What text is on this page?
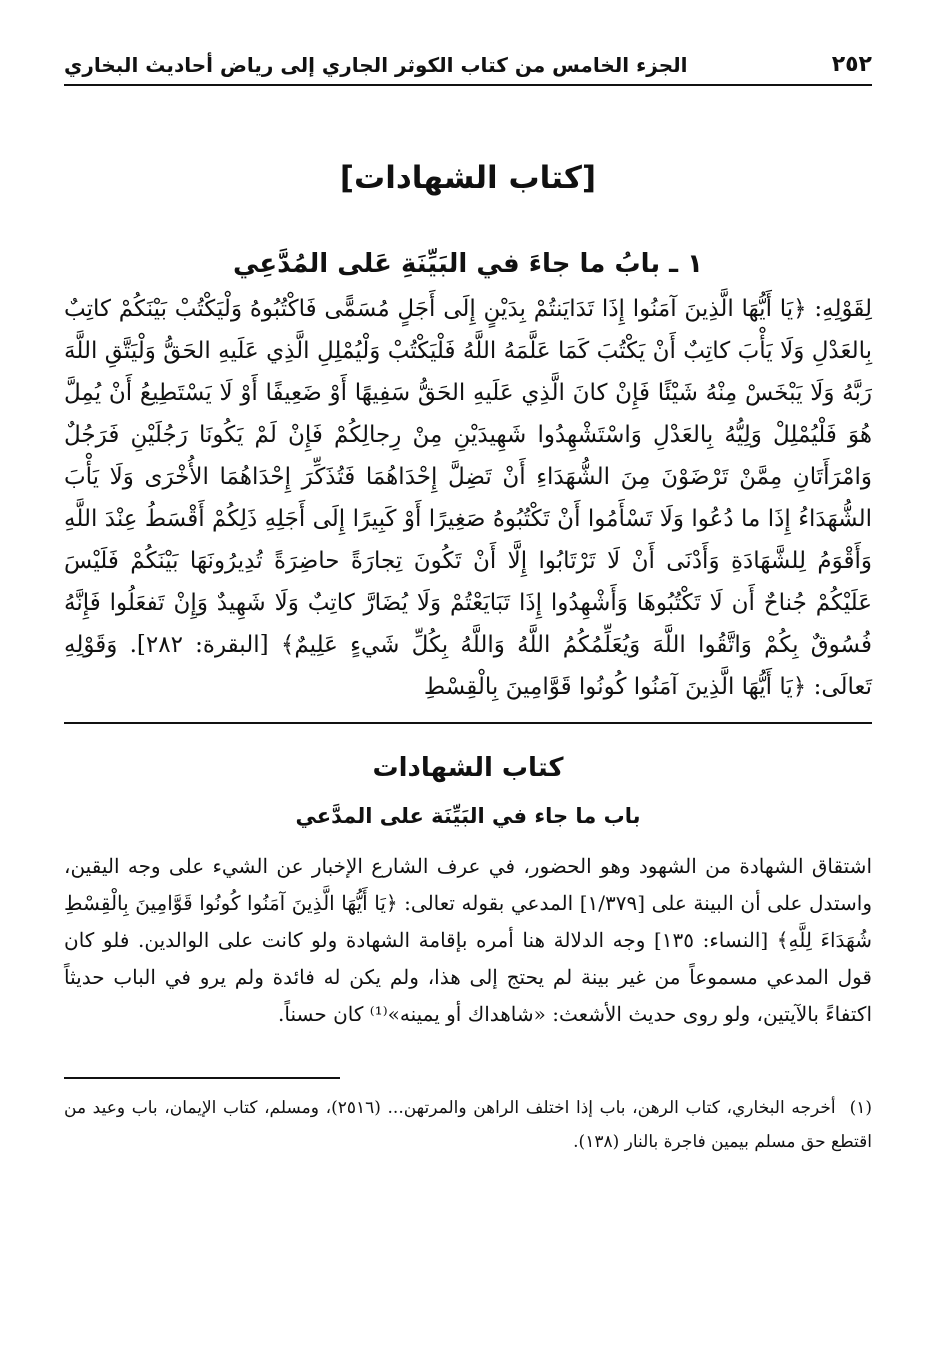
٢٥٢
الجزء الخامس من كتاب الكوثر الجاري إلى رياض أحاديث البخاري
[كتاب الشهادات]
١ ـ بابُ ما جاءَ في البَيِّنَةِ عَلى المُدَّعِي
لِقَوْلِهِ: ﴿يَا أَيُّهَا الَّذِينَ آمَنُوا إِذَا تَدَايَنتُمْ بِدَيْنٍ إِلَى أَجَلٍ مُسَمًّى فَاكْتُبُوهُ وَلْيَكْتُبْ بَيْنَكُمْ كاتِبٌ بِالعَدْلِ وَلَا يَأْبَ كاتِبٌ أَنْ يَكْتُبَ كَمَا عَلَّمَهُ اللَّهُ فَلْيَكْتُبْ وَلْيُمْلِلِ الَّذِي عَلَيهِ الحَقُّ وَلْيَتَّقِ اللَّهَ رَبَّهُ وَلَا يَبْخَسْ مِنْهُ شَيْئًا فَإِنْ كانَ الَّذِي عَلَيهِ الحَقُّ سَفِيهًا أَوْ ضَعِيفًا أَوْ لَا يَسْتَطِيعُ أَنْ يُمِلَّ هُوَ فَلْيُمْلِلْ وَلِيُّهُ بِالعَدْلِ وَاسْتَشْهِدُوا شَهِيدَيْنِ مِنْ رِجالِكُمْ فَإِنْ لَمْ يَكُونَا رَجُلَيْنِ فَرَجُلٌ وَامْرَأَتَانِ مِمَّنْ تَرْضَوْنَ مِنَ الشُّهَدَاءِ أَنْ تَضِلَّ إِحْدَاهُمَا فَتُذَكِّرَ إِحْدَاهُمَا الأُخْرَى وَلَا يَأْبَ الشُّهَدَاءُ إِذَا ما دُعُوا وَلَا تَسْأَمُوا أَنْ تَكْتُبُوهُ صَغِيرًا أَوْ كَبِيرًا إِلَى أَجَلِهِ ذَلِكُمْ أَقْسَطُ عِنْدَ اللَّهِ وَأَقْوَمُ لِلشَّهَادَةِ وَأَدْنَى أَنْ لَا تَرْتَابُوا إِلَّا أَنْ تَكُونَ تِجارَةً حاضِرَةً تُدِيرُونَهَا بَيْنَكُمْ فَلَيْسَ عَلَيْكُمْ جُناحٌ أَن لَا تَكْتُبُوهَا وَأَشْهِدُوا إِذَا تَبَايَعْتُمْ وَلَا يُضَارَّ كاتِبٌ وَلَا شَهِيدٌ وَإِنْ تَفعَلُوا فَإِنَّهُ فُسُوقٌ بِكُمْ وَاتَّقُوا اللَّهَ وَيُعَلِّمُكُمُ اللَّهُ وَاللَّهُ بِكُلِّ شَيءٍ عَلِيمٌ﴾ [البقرة: ٢٨٢]. وَقَوْلِهِ تَعالَى: ﴿يَا أَيُّهَا الَّذِينَ آمَنُوا كُونُوا قَوَّامِينَ بِالْقِسْطِ
كتاب الشهادات
باب ما جاء في البَيِّنَة على المدَّعي
اشتقاق الشهادة من الشهود وهو الحضور، في عرف الشارع الإخبار عن الشيء على وجه اليقين، واستدل على أن البينة على [١/٣٧٩] المدعي بقوله تعالى: ﴿يَا أَيُّهَا الَّذِينَ آمَنُوا كُونُوا قَوَّامِينَ بِالْقِسْطِ شُهَدَاءَ لِلَّهِ﴾ [النساء: ١٣٥] وجه الدلالة هنا أمره بإقامة الشهادة ولو كانت على الوالدين. فلو كان قول المدعي مسموعاً من غير بينة لم يحتج إلى هذا، ولم يكن له فائدة ولم يرو في الباب حديثاً اكتفاءً بالآيتين، ولو روى حديث الأشعث: «شاهداك أو يمينه»⁽¹⁾ كان حسناً.
(١)أخرجه البخاري، كتاب الرهن، باب إذا اختلف الراهن والمرتهن... (٢٥١٦)، ومسلم، كتاب الإيمان، باب وعيد من اقتطع حق مسلم بيمين فاجرة بالنار (١٣٨).
